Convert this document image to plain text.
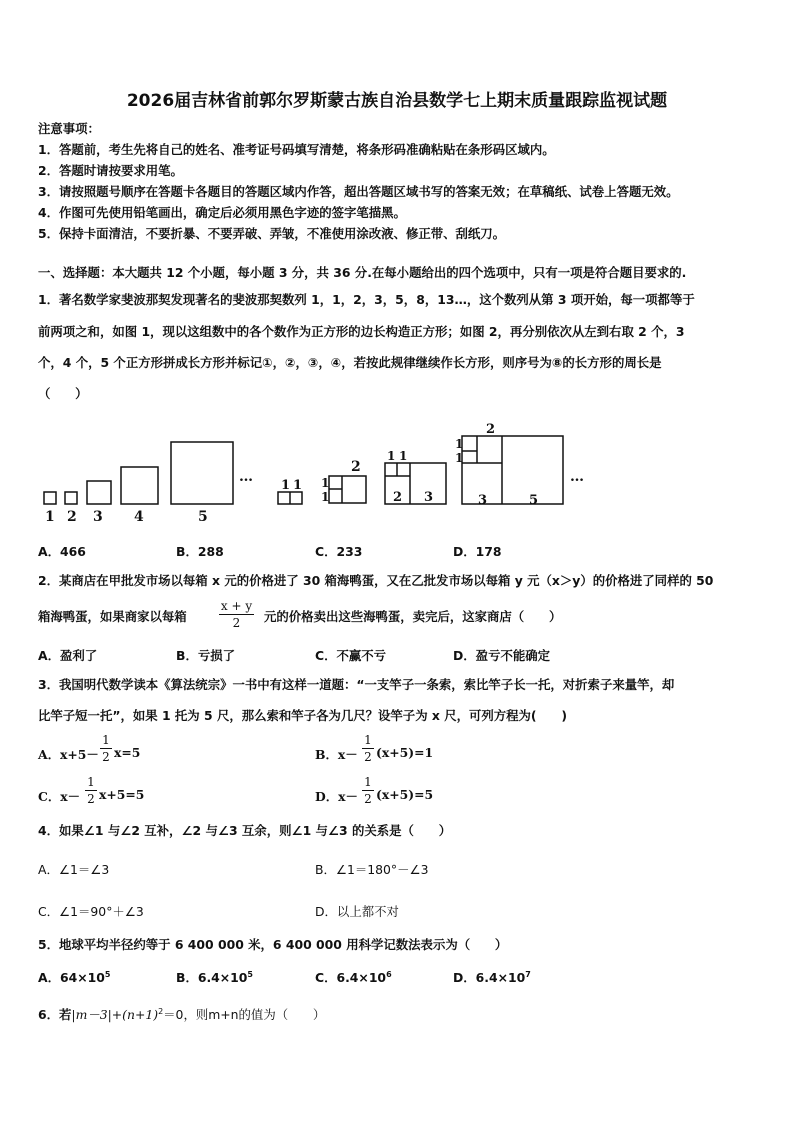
2026届吉林省前郭尔罗斯蒙古族自治县数学七上期末质量跟踪监视试题
注意事项：
1．答题前，考生先将自己的姓名、准考证号码填写清楚，将条形码准确粘贴在条形码区域内。
2．答题时请按要求用笔。
3．请按照题号顺序在答题卡各题目的答题区域内作答，超出答题区域书写的答案无效；在草稿纸、试卷上答题无效。
4．作图可先使用铅笔画出，确定后必须用黑色字迹的签字笔描黑。
5．保持卡面清洁，不要折暴、不要弄破、弄皱，不准使用涂改液、修正带、刮纸刀。
一、选择题：本大题共 12 个小题，每小题 3 分，共 36 分.在每小题给出的四个选项中，只有一项是符合题目要求的.
1．著名数学家斐波那契发现著名的斐波那契数列 1，1，2，3，5，8，13…，这个数列从第 3 项开始，每一项都等于
前两项之和，如图 1，现以这组数中的各个数作为正方形的边长构造正方形；如图 2，再分别依次从左到右取 2 个，3
个，4 个，5 个正方形拼成长方形并标记①，②，③，④，若按此规律继续作长方形，则序号为⑧的长方形的周长是
（　　）
1 2 3 4	5
…
1 1 1
1
2
1 1
2 3
1
1
2
3	5
…
A．466	B．288	C．233	D．178
2．某商店在甲批发市场以每箱 x 元的价格进了 30 箱海鸭蛋，又在乙批发市场以每箱 y 元（x＞y）的价格进了同样的 50
箱海鸭蛋，如果商家以每箱
x + y
2	元的价格卖出这些海鸭蛋，卖完后，这家商店（　　）
A．盈利了	B．亏损了	C．不赢不亏	D．盈亏不能确定
3．我国明代数学读本《算法统宗》一书中有这样一道题：“一支竿子一条索，索比竿子长一托，对折索子来量竿，却
比竿子短一托”，如果 1 托为 5 尺，那么索和竿子各为几尺？设竿子为 x 尺，可列方程为(　　)
A．x+5－
1
2 x=5	B．x－
1
2 (x+5)=1
C．x－
1
2 x+5=5	D．x－
1
2 (x+5)=5
4．如果∠1 与∠2 互补，∠2 与∠3 互余，则∠1 与∠3 的关系是（　　）
A．∠1＝∠3	B．∠1＝180°－∠3
C．∠1＝90°＋∠3	D．以上都不对
5．地球平均半径约等于 6 400 000 米，6 400 000 用科学记数法表示为（　　）
A．$64\times 10^5$	B．$6.4\times 10^5$	C．$6.4\times 10^6$	D．$6.4\times 10^7$
6．若$|m-3|+(n+1)^2=0$，则m+n的值为（　　）
